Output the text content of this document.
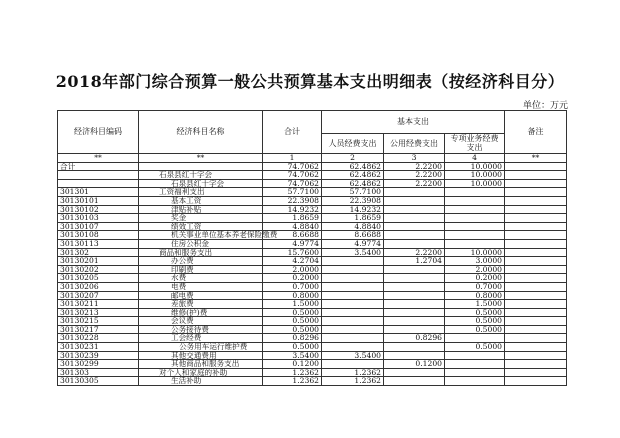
2018年部门综合预算一般公共预算基本支出明细表（按经济科目分）
单位：万元
经济科目编码	经济科目名称	合计	基本支出			备注
			人员经费支出	公用经费支出	专项业务经费支出	
**	**	1	2	3	4	**
合计		74.7062	62.4862	2.2200	10.0000	
	石泉县红十字会	74.7062	62.4862	2.2200	10.0000	
	石泉县红十字会	74.7062	62.4862	2.2200	10.0000	
301301	工资福利支出	57.7100	57.7100			
30130101	基本工资	22.3908	22.3908			
30130102	津贴补贴	14.9232	14.9232			
30130103	奖金	1.8659	1.8659			
30130107	绩效工资	4.8840	4.8840			
30130108	机关事业单位基本养老保险缴费	8.6688	8.6688			
30130113	住房公积金	4.9774	4.9774			
301302	商品和服务支出	15.7600	3.5400	2.2200	10.0000	
30130201	办公费	4.2704		1.2704	3.0000	
30130202	印刷费	2.0000			2.0000	
30130205	水费	0.2000			0.2000	
30130206	电费	0.7000			0.7000	
30130207	邮电费	0.8000			0.8000	
30130211	差旅费	1.5000			1.5000	
30130213	维修(护)费	0.5000			0.5000	
30130215	会议费	0.5000			0.5000	
30130217	公务接待费	0.5000			0.5000	
30130228	工会经费	0.8296		0.8296		
30130231	公务用车运行维护费	0.5000			0.5000	
30130239	其他交通费用	3.5400	3.5400			
30130299	其他商品和服务支出	0.1200		0.1200		
301303	对个人和家庭的补助	1.2362	1.2362			
30130305	生活补助	1.2362	1.2362			
